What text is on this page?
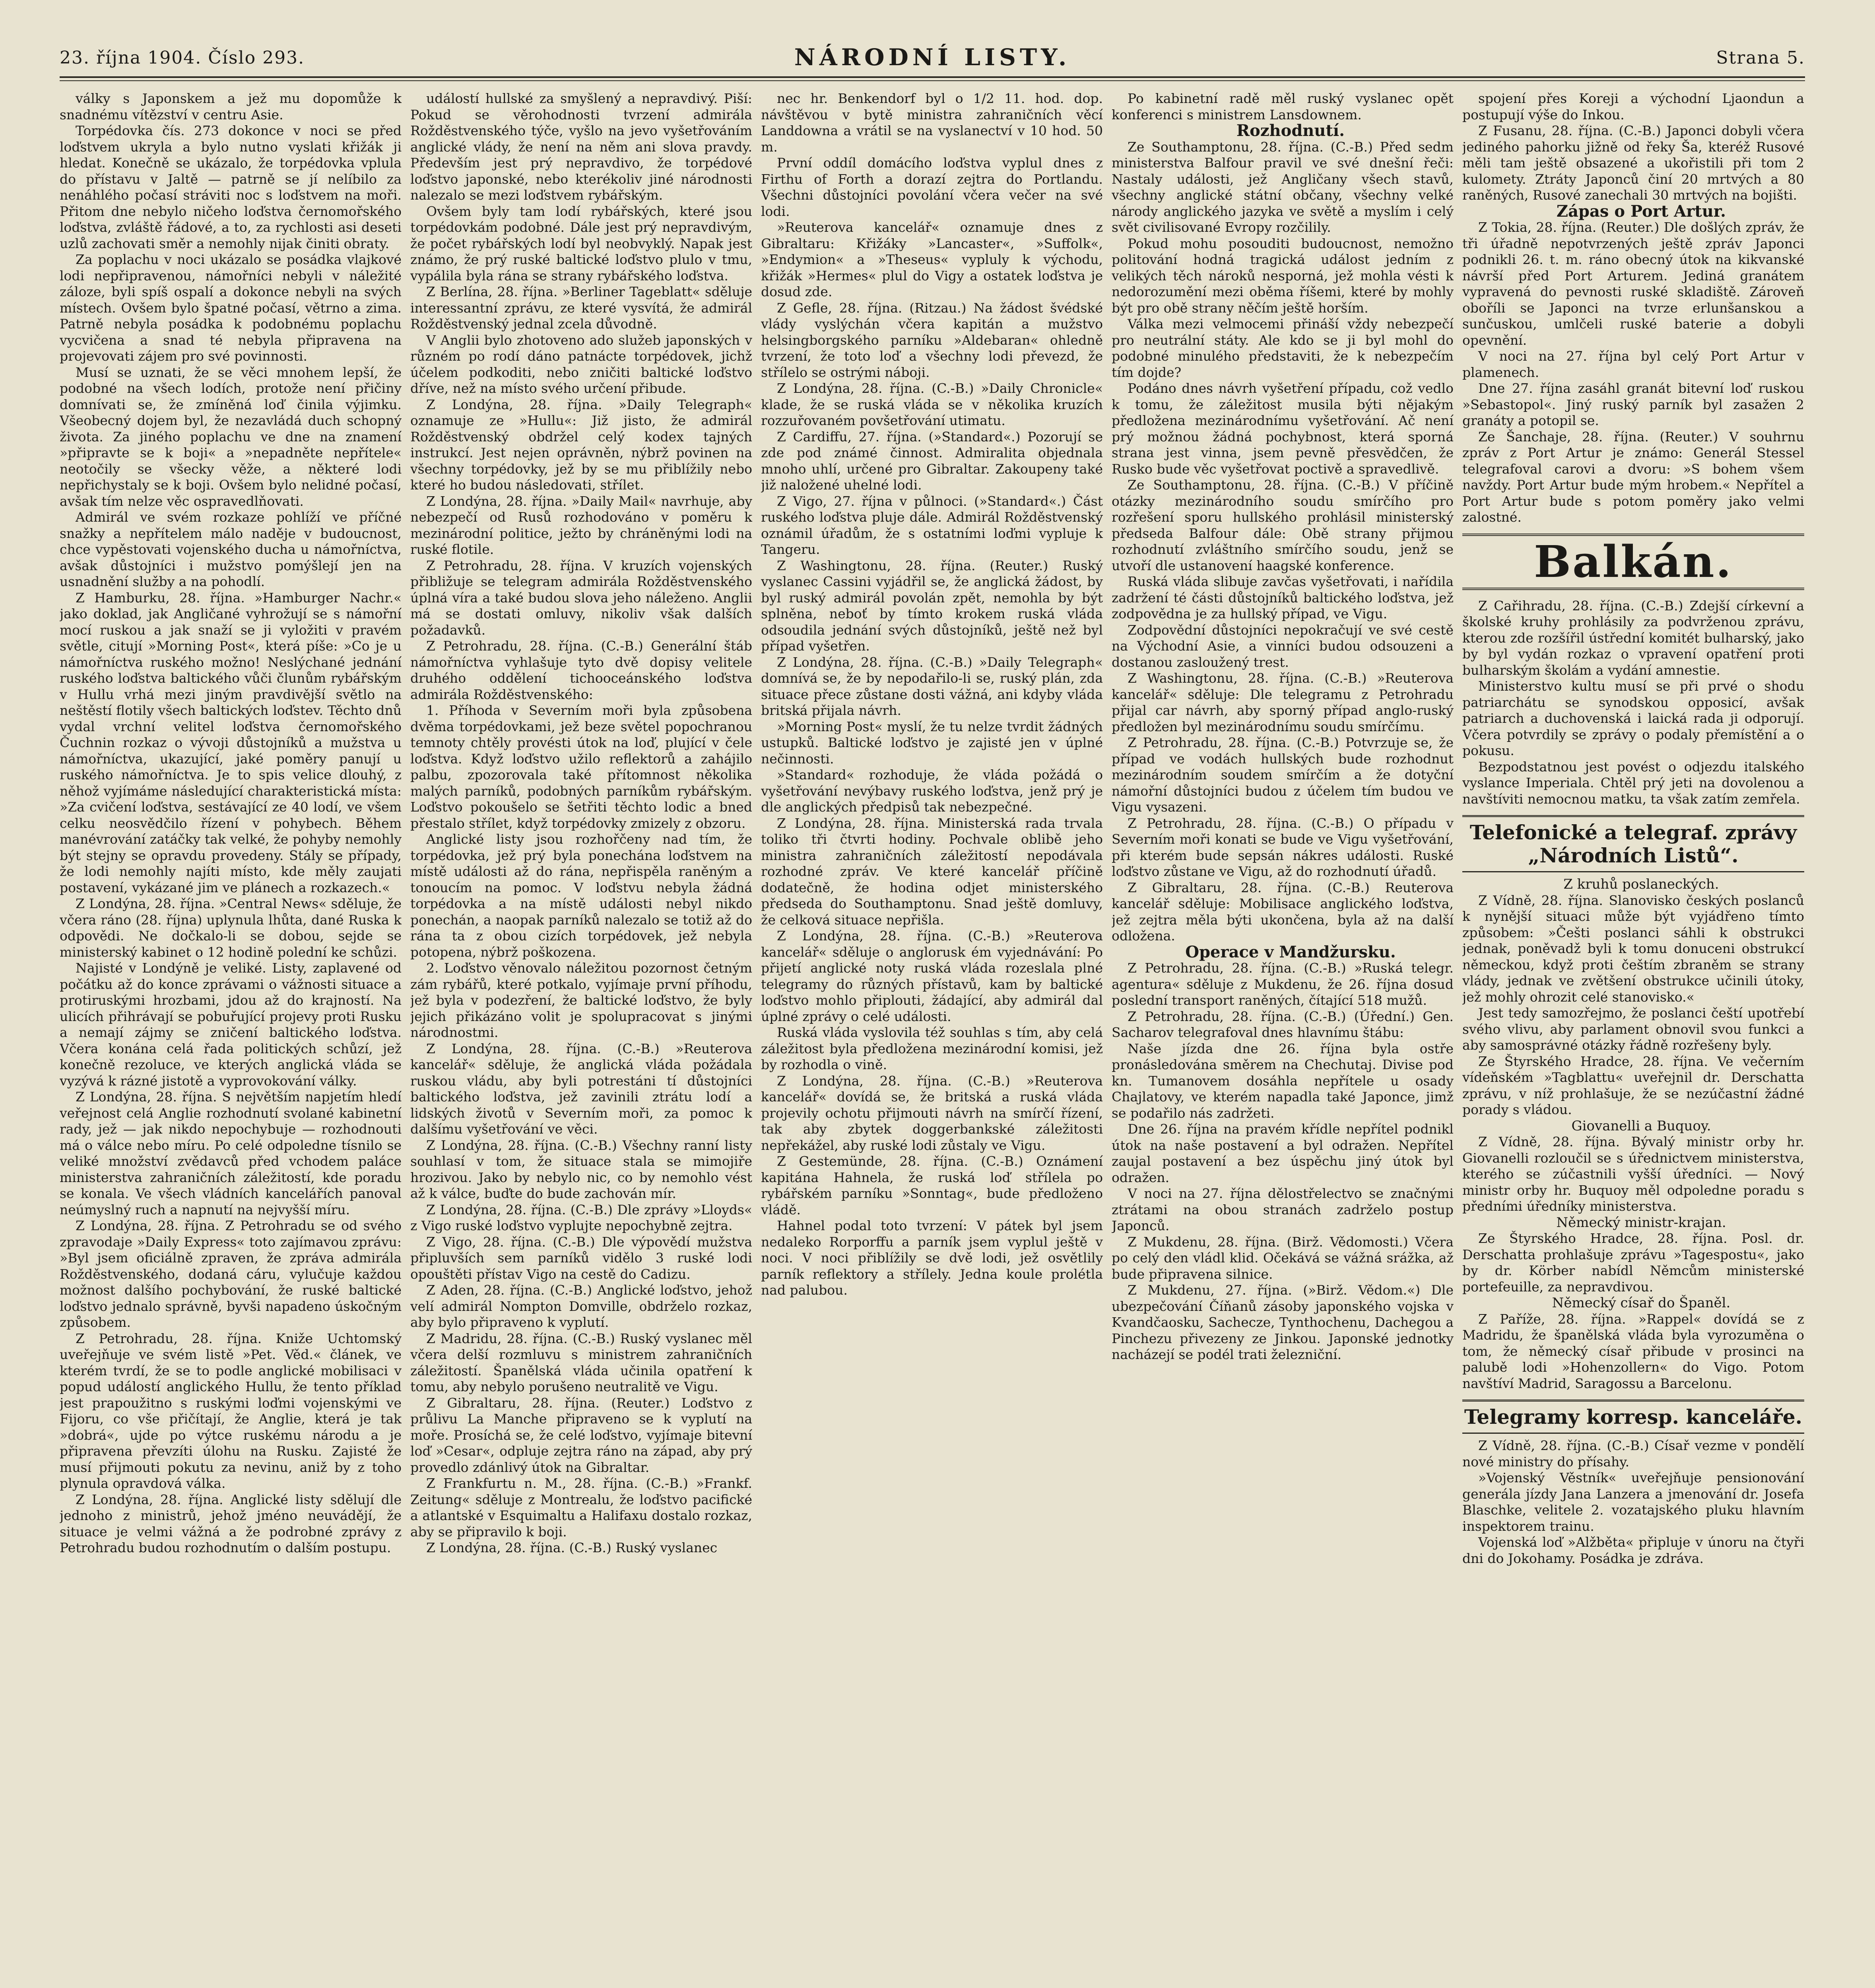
23. října 1904. Číslo 293.	NÁRODNÍ LISTY.	Strana 5.

války s Japonskem a jež mu dopomůže k snadnému vítězství v centru Asie.

Torpédovka čís. 273 dokonce v noci se před loďstvem ukryla a bylo nutno vyslati křižák ji hledat. Konečně se ukázalo, že torpédovka vplula do přístavu v Jaltě — patrně se jí nelíbilo za nenáhlého počasí stráviti noc s loďstvem na moři. Přitom dne nebylo ničeho loďstva černomořského loďstva, zvláště řádové, a to, za rychlosti asi deseti uzlů zachovati směr a nemohly nijak činiti obraty.

Za poplachu v noci ukázalo se posádka vlajkové lodi nepřipravenou, námořníci nebyli v náležité záloze, byli spíš ospalí a dokonce nebyli na svých místech. Ovšem bylo špatné počasí, větrno a zima. Patrně nebyla posádka k podobnému poplachu vycvičena a snad té nebyla připravena na projevovati zájem pro své povinnosti.

Musí se uznati, že se věci mnohem lepší, že podobné na všech lodích, protože není přičiny domnívati se, že zmíněná loď činila výjimku. Všeobecný dojem byl, že nezavládá duch schopný života. Za jiného poplachu ve dne na znamení »připravte se k boji« a »nepadněte nepřítele« neotočily se všecky věže, a některé lodi nepřichystaly se k boji. Ovšem bylo nelidné počasí, avšak tím nelze věc ospravedlňovati.

Admirál ve svém rozkaze pohlíží ve příčné snažky a nepřítelem málo naděje v budoucnost, chce vypěstovati vojenského ducha u námořníctva, avšak důstojníci i mužstvo pomýšlejí jen na usnadnění služby a na pohodlí.

Z Hamburku, 28. října. »Hamburger Nachr.« jako doklad, jak Angličané vyhrožují se s námořní mocí ruskou a jak snaží se ji vyložiti v pravém světle, citují »Morning Post«, která píše: »Co je u námořníctva ruského možno! Neslýchané jednání ruského loďstva baltického vůči člunům rybářským v Hullu vrhá mezi jiným pravdivější světlo na neštěstí flotily všech baltických loďstev. Těchto dnů vydal vrchní velitel loďstva černomořského Čuchnin rozkaz o vývoji důstojníků a mužstva u námořníctva, ukazující, jaké poměry panují u ruského námořníctva. Je to spis velice dlouhý, z něhož vyjímáme následující charakteristická místa: »Za cvičení loďstva, sestávající ze 40 lodí, ve všem celku neosvědčilo řízení v pohybech. Během manévrování zatáčky tak velké, že pohyby nemohly být stejny se opravdu provedeny. Stály se případy, že lodi nemohly najíti místo, kde měly zaujati postavení, vykázané jim ve plánech a rozkazech.«

Z Londýna, 28. října. »Central News« sděluje, že včera ráno (28. října) uplynula lhůta, dané Ruska k odpovědi. Ne dočkalo-li se dobou, sejde se ministerský kabinet o 12 hodině polední ke schůzi.

Najisté v Londýně je veliké. Listy, zaplavené od počátku až do konce zprávami o vážnosti situace a protiruskými hrozbami, jdou až do krajností. Na ulicích přihrávají se pobuřující projevy proti Rusku a nemají zájmy se zničení baltického loďstva. Včera konána celá řada politických schůzí, jež konečně rezoluce, ve kterých anglická vláda se vyzývá k rázné jistotě a vyprovokování války.

Z Londýna, 28. října. S největším napjetím hledí veřejnost celá Anglie rozhodnutí svolané kabinetní rady, jež — jak nikdo nepochybuje — rozhodnouti má o válce nebo míru. Po celé odpoledne tísnilo se veliké množství zvědavců před vchodem paláce ministerstva zahraničních záležitostí, kde poradu se konala. Ve všech vládních kancelářích panoval neúmyslný ruch a napnutí na nejvyšší míru.

Z Londýna, 28. října. Z Petrohradu se od svého zpravodaje »Daily Express« toto zajímavou zprávu: »Byl jsem oficiálně zpraven, že zpráva admirála Rožděstvenského, dodaná cáru, vylučuje každou možnost dalšího pochybování, že ruské baltické loďstvo jednalo správně, byvši napadeno úskočným způsobem.

Z Petrohradu, 28. října. Kniže Uchtomský uveřejňuje ve svém listě »Pet. Věd.« článek, ve kterém tvrdí, že se to podle anglické mobilisaci v popud událostí anglického Hullu, že tento příklad jest prapoužitno s ruskými loďmi vojenskými ve Fijoru, co vše přičítají, že Anglie, která je tak »dobrá«, ujde po výtce ruskému národu a je připravena převzíti úlohu na Rusku. Zajisté že musí přijmouti pokutu za nevinu, aniž by z toho plynula opravdová válka.

Z Londýna, 28. října. Anglické listy sdělují dle jednoho z ministrů, jehož jméno neuvádějí, že situace je velmi vážná a že podrobné zprávy z Petrohradu budou rozhodnutím o dalším postupu.

událostí hullské za smyšlený a nepravdivý. Piší: Pokud se věrohodnosti tvrzení admirála Rožděstvenského týče, vyšlo na jevo vyšetřováním anglické vlády, že není na něm ani slova pravdy. Především jest prý nepravdivo, že torpédové loďstvo japonské, nebo kterékoliv jiné národnosti nalezalo se mezi loďstvem rybářským.

Ovšem byly tam lodí rybářských, které jsou torpédovkám podobné. Dále jest prý nepravdivým, že počet rybářských lodí byl neobvyklý. Napak jest známo, že prý ruské baltické loďstvo plulo v tmu, vypálila byla rána se strany rybářského loďstva.

Z Berlína, 28. října. »Berliner Tageblatt« sděluje interessantní zprávu, ze které vysvítá, že admirál Rožděstvenský jednal zcela důvodně.

V Anglii bylo zhotoveno ado služeb japonských v různém po rodí dáno patnácte torpédovek, jichž účelem podkoditi, nebo zničiti baltické loďstvo dříve, než na místo svého určení přibude.

Z Londýna, 28. října. »Daily Telegraph« oznamuje ze »Hullu«: Již jisto, že admirál Rožděstvenský obdržel celý kodex tajných instrukcí. Jest nejen oprávněn, nýbrž povinen na všechny torpédovky, jež by se mu přiblížily nebo které ho budou následovati, střílet.

Z Londýna, 28. října. »Daily Mail« navrhuje, aby nebezpečí od Rusů rozhodováno v poměru k mezinárodní politice, ježto by chráněnými lodi na ruské flotile.

Z Petrohradu, 28. října. V kruzích vojenských přibližuje se telegram admirála Rožděstvenského úplná víra a také budou slova jeho náleženo. Anglii má se dostati omluvy, nikoliv však dalších požadavků.

Z Petrohradu, 28. října. (C.-B.) Generální štáb námořníctva vyhlašuje tyto dvě dopisy velitele druhého oddělení tichooceánského loďstva admirála Rožděstvenského:

1. Příhoda v Severním moři byla způsobena dvěma torpédovkami, jež beze světel popochranou temnoty chtěly provésti útok na loď, plující v čele loďstva. Když loďstvo užilo reflektorů a zahájilo palbu, zpozorovala také přítomnost několika malých parníků, podobných parníkům rybářským. Loďstvo pokoušelo se šetřiti těchto lodic a bned přestalo střílet, když torpédovky zmizely z obzoru.

Anglické listy jsou rozhořčeny nad tím, že torpédovka, jež prý byla ponechána loďstvem na místě události až do rána, nepřispěla raněným a tonoucím na pomoc. V loďstvu nebyla žádná torpédovka a na místě události nebyl nikdo ponechán, a naopak parníků nalezalo se totiž až do rána ta z obou cizích torpédovek, jež nebyla potopena, nýbrž poškozena.

2. Loďstvo věnovalo náležitou pozornost četným zám rybářů, které potkalo, vyjímaje první příhodu, jež byla v podezření, že baltické loďstvo, že byly jejich přikázáno volit je spolupracovat s jinými národnostmi.

Z Londýna, 28. října. (C.-B.) »Reuterova kancelář« sděluje, že anglická vláda požádala ruskou vládu, aby byli potrestáni tí důstojníci baltického loďstva, jež zavinili ztrátu lodí a lidských životů v Severním moři, za pomoc k dalšímu vyšetřování ve věci.

Z Londýna, 28. října. (C.-B.) Všechny ranní listy souhlasí v tom, že situace stala se mimojiře hrozivou. Jako by nebylo nic, co by nemohlo vést až k válce, buďte do bude zachován mír.

Z Londýna, 28. října. (C.-B.) Dle zprávy »Lloyds« z Vigo ruské loďstvo vyplujte nepochybně zejtra.

Z Vigo, 28. října. (C.-B.) Dle výpovědí mužstva připluvších sem parníků vidělo 3 ruské lodi opouštěti přístav Vigo na cestě do Cadizu.

Z Aden, 28. října. (C.-B.) Anglické loďstvo, jehož velí admirál Nompton Domville, obdrželo rozkaz, aby bylo připraveno k vyplutí.

Z Madridu, 28. října. (C.-B.) Ruský vyslanec měl včera delší rozmluvu s ministrem zahraničních záležitostí. Španělská vláda učinila opatření k tomu, aby nebylo porušeno neutralitě ve Vigu.

Z Gibraltaru, 28. října. (Reuter.) Loďstvo z průlivu La Manche připraveno se k vyplutí na moře. Prosíchá se, že celé loďstvo, vyjímaje bitevní loď »Cesar«, odpluje zejtra ráno na západ, aby prý provedlo zdánlivý útok na Gibraltar.

Z Frankfurtu n. M., 28. října. (C.-B.) »Frankf. Zeitung« sděluje z Montrealu, že loďstvo pacifické a atlantské v Esquimaltu a Halifaxu dostalo rozkaz, aby se připravilo k boji.

Z Londýna, 28. října. (C.-B.) Ruský vyslanec

nec hr. Benkendorf byl o 1/2 11. hod. dop. návštěvou v bytě ministra zahraničních věcí Landdowna a vrátil se na vyslanectví v 10 hod. 50 m.

První oddíl domácího loďstva vyplul dnes z Firthu of Forth a dorazí zejtra do Portlandu. Všechni důstojníci povolání včera večer na své lodi.

»Reuterova kancelář« oznamuje dnes z Gibraltaru: Křižáky »Lancaster«, »Suffolk«, »Endymion« a »Theseus« vypluly k východu, křižák »Hermes« plul do Vigy a ostatek loďstva je dosud zde.

Z Gefle, 28. října. (Ritzau.) Na žádost švédské vlády vyslýchán včera kapitán a mužstvo helsingborgského parníku »Aldebaran« ohledně tvrzení, že toto loď a všechny lodi převezd, že střílelo se ostrými náboji.

Z Londýna, 28. října. (C.-B.) »Daily Chronicle« klade, že se ruská vláda se v několika kruzích rozzuřovaném povšetřování utimatu.

Z Cardiffu, 27. října. (»Standard«.) Pozorují se zde pod známé činnost. Admiralita objednala mnoho uhlí, určené pro Gibraltar. Zakoupeny také již naložené uhelné lodi.

Z Vigo, 27. října v půlnoci. (»Standard«.) Část ruského loďstva pluje dále. Admirál Rožděstvenský oznámil úřadům, že s ostatními loďmi vypluje k Tangeru.

Z Washingtonu, 28. října. (Reuter.) Ruský vyslanec Cassini vyjádřil se, že anglická žádost, by byl ruský admirál povolán zpět, nemohla by být splněna, neboť by tímto krokem ruská vláda odsoudila jednání svých důstojníků, ještě než byl případ vyšetřen.

Z Londýna, 28. října. (C.-B.) »Daily Telegraph« domnívá se, že by nepodařilo-li se, ruský plán, zda situace přece zůstane dosti vážná, ani kdyby vláda britská přijala návrh.

»Morning Post« myslí, že tu nelze tvrdit žádných ustupků. Baltické loďstvo je zajisté jen v úplné nečinnosti.

»Standard« rozhoduje, že vláda požádá o vyšetřování nevýbavy ruského loďstva, jenž prý je dle anglických předpisů tak nebezpečné.

Z Londýna, 28. října. Ministerská rada trvala toliko tři čtvrti hodiny. Pochvale oblibě jeho ministra zahraničních záležitostí nepodávala rozhodné zpráv. Ve které kancelář příčině dodatečně, že hodina odjet ministerského předseda do Southamptonu. Snad ještě domluvy, že celková situace nepřišla.

Z Londýna, 28. října. (C.-B.) »Reuterova kancelář« sděluje o anglorusk ém vyjednávání: Po přijetí anglické noty ruská vláda rozeslala plné telegramy do různých přístavů, kam by baltické loďstvo mohlo připlouti, žádající, aby admirál dal úplné zprávy o celé události.

Ruská vláda vyslovila též souhlas s tím, aby celá záležitost byla předložena mezinárodní komisi, jež by rozhodla o vině.

Z Londýna, 28. října. (C.-B.) »Reuterova kancelář« dovídá se, že britská a ruská vláda projevily ochotu přijmouti návrh na smírčí řízení, tak aby zbytek doggerbankské záležitosti nepřekážel, aby ruské lodi zůstaly ve Vigu.

Z Gestemünde, 28. října. (C.-B.) Oznámení kapitána Hahnela, že ruská loď střílela po rybářském parníku »Sonntag«, bude předloženo vládě.

Hahnel podal toto tvrzení: V pátek byl jsem nedaleko Rorporffu a parník jsem vyplul ještě v noci. V noci přiblížily se dvě lodi, jež osvětlily parník reflektory a střílely. Jedna koule prolétla nad palubou.

Po kabinetní radě měl ruský vyslanec opět konferenci s ministrem Lansdownem.

Rozhodnutí.

Ze Southamptonu, 28. října. (C.-B.) Před sedm ministerstva Balfour pravil ve své dnešní řeči: Nastaly události, jež Angličany všech stavů, všechny anglické státní občany, všechny velké národy anglického jazyka ve světě a myslím i celý svět civilisované Evropy rozčilily.

Pokud mohu posouditi budoucnost, nemožno politování hodná tragická událost jedním z velikých těch nároků nesporná, jež mohla vésti k nedorozumění mezi oběma říšemi, které by mohly být pro obě strany něčím ještě horším.

Válka mezi velmocemi přináší vždy nebezpečí pro neutrální státy. Ale kdo se ji byl mohl do podobné minulého představiti, že k nebezpečím tím dojde?

Podáno dnes návrh vyšetření případu, což vedlo k tomu, že záležitost musila býti nějakým předložena mezinárodnímu vyšetřování. Ač není prý možnou žádná pochybnost, která sporná strana jest vinna, jsem pevně přesvědčen, že Rusko bude věc vyšetřovat poctivě a spravedlivě.

Ze Southamptonu, 28. října. (C.-B.) V příčině otázky mezinárodního soudu smírčího pro rozřešení sporu hullského prohlásil ministerský předseda Balfour dále: Obě strany přijmou rozhodnutí zvláštního smírčího soudu, jenž se utvoří dle ustanovení haagské konference.

Ruská vláda slibuje zavčas vyšetřovati, i nařídila zadržení té části důstojníků baltického loďstva, jež zodpovědna je za hullský případ, ve Vigu.

Zodpovědní důstojníci nepokračují ve své cestě na Východní Asie, a vinníci budou odsouzeni a dostanou zasloužený trest.

Z Washingtonu, 28. října. (C.-B.) »Reuterova kancelář« sděluje: Dle telegramu z Petrohradu přijal car návrh, aby sporný případ anglo-ruský předložen byl mezinárodnímu soudu smírčímu.

Z Petrohradu, 28. října. (C.-B.) Potvrzuje se, že případ ve vodách hullských bude rozhodnut mezinárodním soudem smírčím a že dotyční námořní důstojníci budou z účelem tím budou ve Vigu vysazeni.

Z Petrohradu, 28. října. (C.-B.) O případu v Severním moři konati se bude ve Vigu vyšetřování, při kterém bude sepsán nákres události. Ruské loďstvo zůstane ve Vigu, až do rozhodnutí úřadů.

Z Gibraltaru, 28. října. (C.-B.) Reuterova kancelář sděluje: Mobilisace anglického loďstva, jež zejtra měla býti ukončena, byla až na další odložena.

Operace v Mandžursku.

Z Petrohradu, 28. října. (C.-B.) »Ruská telegr. agentura« sděluje z Mukdenu, že 26. října dosud poslední transport raněných, čítající 518 mužů.

Z Petrohradu, 28. října. (C.-B.) (Úřední.) Gen. Sacharov telegrafoval dnes hlavnímu štábu:

Naše jízda dne 26. října byla ostře pronásledována směrem na Chechutaj. Divise pod kn. Tumanovem dosáhla nepřítele u osady Chajlatovy, ve kterém napadla také Japonce, jimž se podařilo nás zadržeti.

Dne 26. října na pravém křídle nepřítel podnikl útok na naše postavení a byl odražen. Nepřítel zaujal postavení a bez úspěchu jiný útok byl odražen.

V noci na 27. října dělostřelectvo se značnými ztrátami na obou stranách zadrželo postup Japonců.

Z Mukdenu, 28. října. (Birž. Vědomosti.) Včera po celý den vládl klid. Očekává se vážná srážka, až bude připravena silnice.

Z Mukdenu, 27. října. (»Birž. Vědom.«) Dle ubezpečování Číňanů zásoby japonského vojska v Kvandčaosku, Sachecze, Tynthochenu, Dachegou a Pinchezu přivezeny ze Jinkou. Japonské jednotky nacházejí se podél trati železniční.

spojení přes Koreji a východní Ljaondun a postupují výše do Inkou.

Z Fusanu, 28. října. (C.-B.) Japonci dobyli včera jediného pahorku jižně od řeky Ša, kteréž Rusové měli tam ještě obsazené a ukořistili při tom 2 kulomety. Ztráty Japonců činí 20 mrtvých a 80 raněných, Rusové zanechali 30 mrtvých na bojišti.

Zápas o Port Artur.

Z Tokia, 28. října. (Reuter.) Dle došlých zpráv, že tři úřadně nepotvrzených ještě zpráv Japonci podnikli 26. t. m. ráno obecný útok na kikvanské návrší před Port Arturem. Jediná granátem vypravená do pevnosti ruské skladiště. Zároveň oboříli se Japonci na tvrze erlunšanskou a sunčuskou, umlčeli ruské baterie a dobyli opevnění.

V noci na 27. října byl celý Port Artur v plamenech.

Dne 27. října zasáhl granát bitevní loď ruskou »Sebastopol«. Jiný ruský parník byl zasažen 2 granáty a potopil se.

Ze Šanchaje, 28. října. (Reuter.) V souhrnu zpráv z Port Artur je známo: Generál Stessel telegrafoval carovi a dvoru: »S bohem všem navždy. Port Artur bude mým hrobem.« Nepřítel a Port Artur bude s potom poměry jako velmi zalostné.

Balkán.

Z Cařihradu, 28. října. (C.-B.) Zdejší církevní a školské kruhy prohlásily za podvrženou zprávu, kterou zde rozšířil ústřední komitét bulharský, jako by byl vydán rozkaz o vpravení opatření proti bulharským školám a vydání amnestie.

Ministerstvo kultu musí se při prvé o shodu patriarchátu se synodskou opposicí, avšak patriarch a duchovenská i laická rada ji odporují. Včera potvrdily se zprávy o podaly přemístění a o pokusu.

Bezpodstatnou jest povést o odjezdu italského vyslance Imperiala. Chtěl prý jeti na dovolenou a navštíviti nemocnou matku, ta však zatím zemřela.

Telefonické a telegraf. zprávy „Národních Listů“.

Z kruhů poslaneckých.

Z Vídně, 28. října. Slanovisko českých poslanců k nynější situaci může být vyjádřeno tímto způsobem: »Češti poslanci sáhli k obstrukci jednak, poněvadž byli k tomu donuceni obstrukcí německou, když proti češtím zbraněm se strany vlády, jednak ve zvětšení obstrukce učinili útoky, jež mohly ohrozit celé stanovisko.«

Jest tedy samozřejmo, že poslanci čeští upotřebí svého vlivu, aby parlament obnovil svou funkci a aby samosprávné otázky řádně rozřešeny byly.

Ze Štyrského Hradce, 28. října. Ve večerním vídeňském »Tagblattu« uveřejnil dr. Derschatta zprávu, v níž prohlašuje, že se nezúčastní žádné porady s vládou.

Giovanelli a Buquoy.

Z Vídně, 28. října. Bývalý ministr orby hr. Giovanelli rozloučil se s úřednictvem ministerstva, kterého se zúčastnili vyšší úředníci. — Nový ministr orby hr. Buquoy měl odpoledne poradu s předními úředníky ministerstva.

Německý ministr-krajan.

Ze Štyrského Hradce, 28. října. Posl. dr. Derschatta prohlašuje zprávu »Tagespostu«, jako by dr. Körber nabídl Němcům ministerské portefeuille, za nepravdivou.

Německý císař do Španěl.

Z Paříže, 28. října. »Rappel« dovídá se z Madridu, že španělská vláda byla vyrozuměna o tom, že německý císař přibude v prosinci na palubě lodi »Hohenzollern« do Vigo. Potom navštíví Madrid, Saragossu a Barcelonu.

Telegramy korresp. kanceláře.

Z Vídně, 28. října. (C.-B.) Císař vezme v pondělí nové ministry do přísahy.

»Vojenský Věstník« uveřejňuje pensionování generála jízdy Jana Lanzera a jmenování dr. Josefa Blaschke, velitele 2. vozatajského pluku hlavním inspektorem trainu.

Vojenská loď »Alžběta« připluje v únoru na čtyři dni do Jokohamy. Posádka je zdráva.
